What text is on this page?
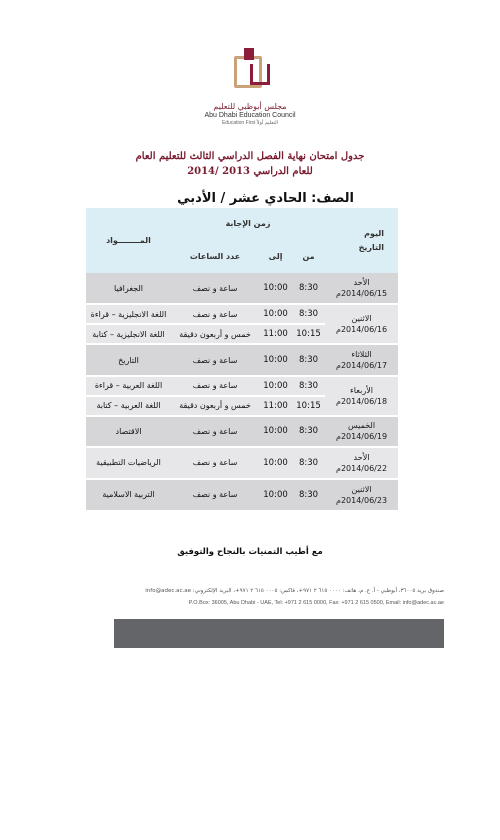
مجلس أبوظبي للتعليم
Abu Dhabi Education Council
Education First التعليم أولاً
جدول امتحان نهاية الفصل الدراسي الثالث للتعليم العام
للعام الدراسي 2013 /2014
الصف: الحادي عشر / الأدبي
اليوم
التاريخ	زمن الإجابة			المــــــــواد
	من	إلى	عدد الساعات	
الأحد
2014/06/15م	8:30	10:00	ساعة و نصف	الجغرافيا
الاثنين
2014/06/16م	8:30	10:00	ساعة و نصف	اللغة الانجليزية – قراءة
	10:15	11:00	خمس و أربعون دقيقة	اللغة الانجليزية – كتابة
الثلاثاء
2014/06/17م	8:30	10:00	ساعة و نصف	التاريخ
الأربعاء
2014/06/18م	8:30	10:00	ساعة و نصف	اللغة العربية – قراءة
	10:15	11:00	خمس و أربعون دقيقة	اللغة العربية – كتابة
الخميس
2014/06/19م	8:30	10:00	ساعة و نصف	الاقتصاد
الأحد
2014/06/22م	8:30	10:00	ساعة و نصف	الرياضيات التطبيقية
الاثنين
2014/06/23م	8:30	10:00	ساعة و نصف	التربية الاسلامية
مع أطيب التمنيات بالنجاح والتوفيق
صندوق بريد ٣٦٠٠٥، أبوظبي - أ. ع. م، هاتف: ٠٠٠٠ ٦١٥ ٢ ٩٧١+، فاكس: ٠٠٠٥ ٦١٥ ٢ ٩٧١+، البريد الإلكتروني: info@adec.ac.ae
P.O.Box: 36005, Abu Dhabi - UAE, Tel: +971 2 615 0000, Fax: +971 2 615 0500, Email: info@adec.ac.ae
